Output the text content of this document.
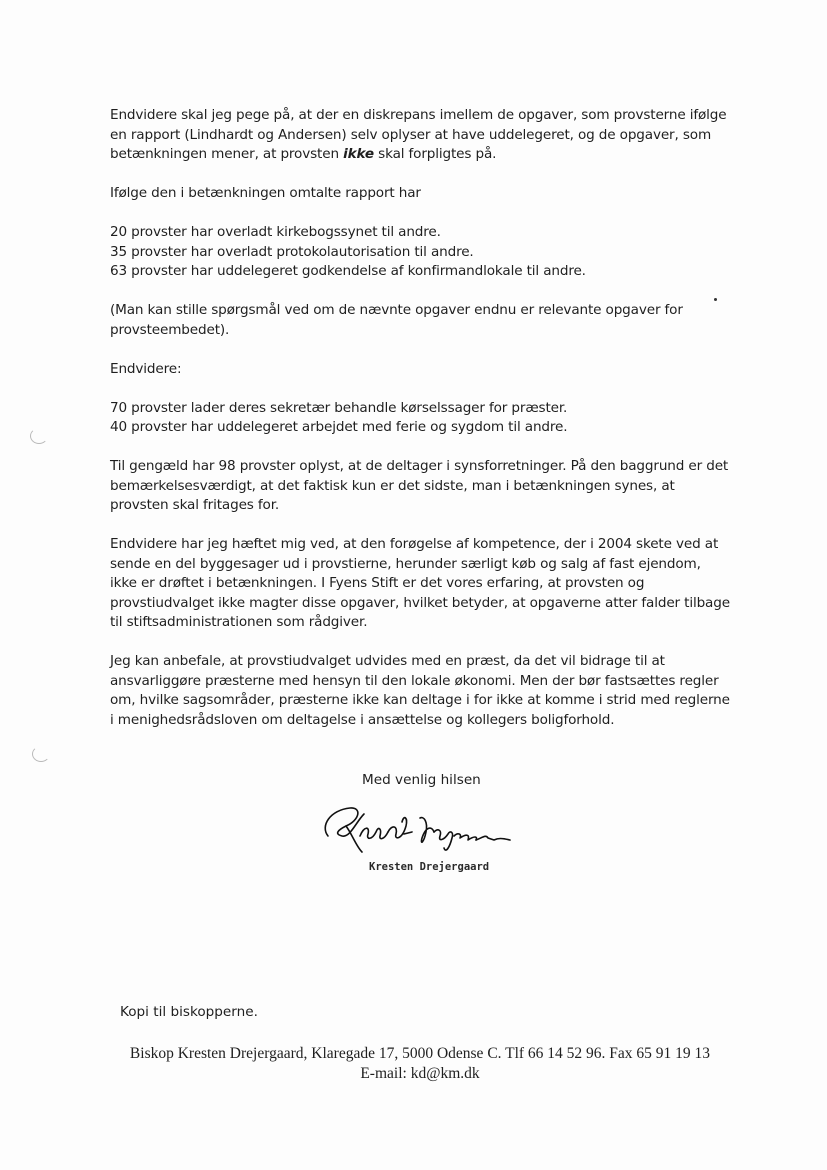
Endvidere skal jeg pege på, at der en diskrepans imellem de opgaver, som provsterne ifølge en rapport (Lindhardt og Andersen) selv oplyser at have uddelegeret, og de opgaver, som betænkningen mener, at provsten ikke skal forpligtes på.

Ifølge den i betænkningen omtalte rapport har

20 provster har overladt kirkebogssynet til andre.
35 provster har overladt protokolautorisation til andre.
63 provster har uddelegeret godkendelse af konfirmandlokale til andre.

(Man kan stille spørgsmål ved om de nævnte opgaver endnu er relevante opgaver for provsteembedet).

Endvidere:

70 provster lader deres sekretær behandle kørselssager for præster.
40 provster har uddelegeret arbejdet med ferie og sygdom til andre.

Til gengæld har 98 provster oplyst, at de deltager i synsforretninger. På den baggrund er det bemærkelsesværdigt, at det faktisk kun er det sidste, man i betænkningen synes, at provsten skal fritages for.

Endvidere har jeg hæftet mig ved, at den forøgelse af kompetence, der i 2004 skete ved at sende en del byggesager ud i provstierne, herunder særligt køb og salg af fast ejendom, ikke er drøftet i betænkningen. I Fyens Stift er det vores erfaring, at provsten og provstiudvalget ikke magter disse opgaver, hvilket betyder, at opgaverne atter falder tilbage til stiftsadministrationen som rådgiver.

Jeg kan anbefale, at provstiudvalget udvides med en præst, da det vil bidrage til at ansvarliggøre præsterne med hensyn til den lokale økonomi. Men der bør fastsættes regler om, hvilke sagsområder, præsterne ikke kan deltage i for ikke at komme i strid med reglerne i menighedsrådsloven om deltagelse i ansættelse og kollegers boligforhold.

Med venlig hilsen
Kresten Drejergaard
Kopi til biskopperne.
Biskop Kresten Drejergaard, Klaregade 17, 5000 Odense C. Tlf 66 14 52 96. Fax 65 91 19 13
E-mail: kd@km.dk
